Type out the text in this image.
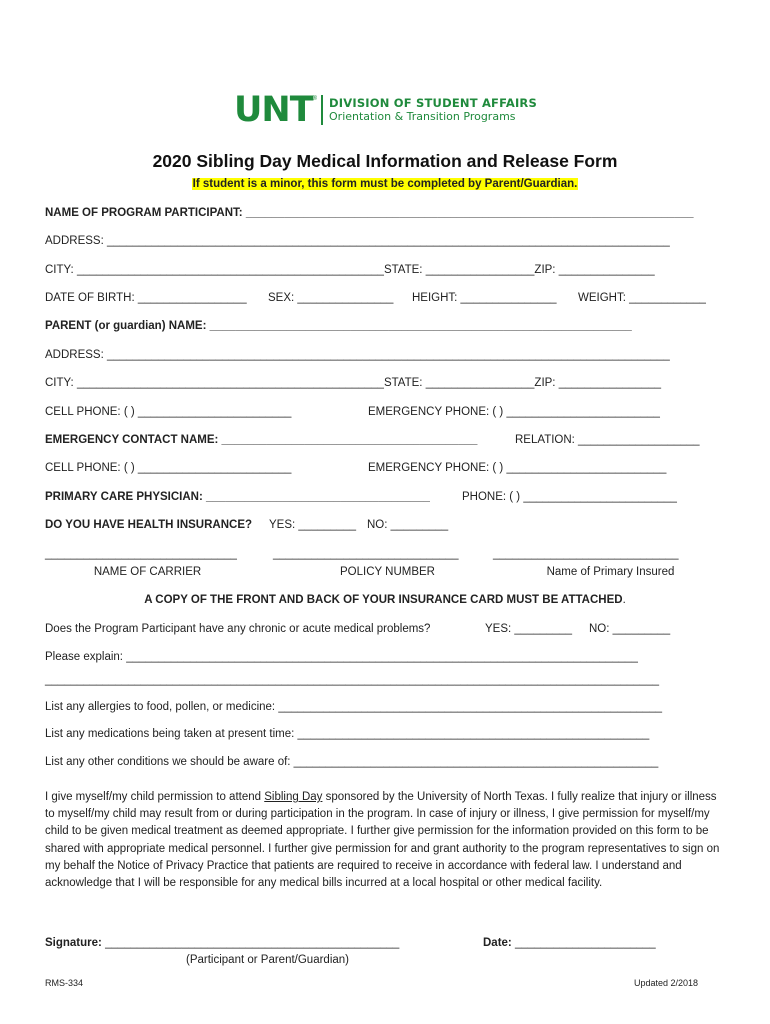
UNT ® DIVISION OF STUDENT AFFAIRS
Orientation & Transition Programs
2020 Sibling Day Medical Information and Release Form
If student is a minor, this form must be completed by Parent/Guardian.
NAME OF PROGRAM PARTICIPANT: ______________________________________________________________________
ADDRESS: ________________________________________________________________________________________
CITY: ________________________________________________STATE: _________________ZIP: _______________
DATE OF BIRTH: _________________ SEX: _______________ HEIGHT: _______________ WEIGHT: ____________
PARENT (or guardian) NAME: __________________________________________________________________
ADDRESS: ________________________________________________________________________________________
CITY: ________________________________________________STATE: _________________ZIP: ________________
CELL PHONE: ( ) ________________________	EMERGENCY PHONE: ( ) ________________________
EMERGENCY CONTACT NAME: ________________________________________	RELATION: ___________________
CELL PHONE: ( ) ________________________	EMERGENCY PHONE: ( ) _________________________
PRIMARY CARE PHYSICIAN: ___________________________________	PHONE: ( ) ________________________
DO YOU HAVE HEALTH INSURANCE? YES: _________ NO: _________
______________________________	_____________________________	_____________________________
NAME OF CARRIER	POLICY NUMBER	Name of Primary Insured
A COPY OF THE FRONT AND BACK OF YOUR INSURANCE CARD MUST BE ATTACHED.
Does the Program Participant have any chronic or acute medical problems?	YES: _________ NO: _________
Please explain: ________________________________________________________________________________
________________________________________________________________________________________________
List any allergies to food, pollen, or medicine: ____________________________________________________________
List any medications being taken at present time: _______________________________________________________
List any other conditions we should be aware of: _________________________________________________________
I give myself/my child permission to attend Sibling Day sponsored by the University of North Texas. I fully realize that injury or illness to myself/my child may result from or during participation in the program. In case of injury or illness, I give permission for myself/my child to be given medical treatment as deemed appropriate. I further give permission for the information provided on this form to be shared with appropriate medical personnel. I further give permission for and grant authority to the program representatives to sign on my behalf the Notice of Privacy Practice that patients are required to receive in accordance with federal law. I understand and acknowledge that I will be responsible for any medical bills incurred at a local hospital or other medical facility.
Signature: ______________________________________________	Date: ______________________
(Participant or Parent/Guardian)
RMS-334	Updated 2/2018
